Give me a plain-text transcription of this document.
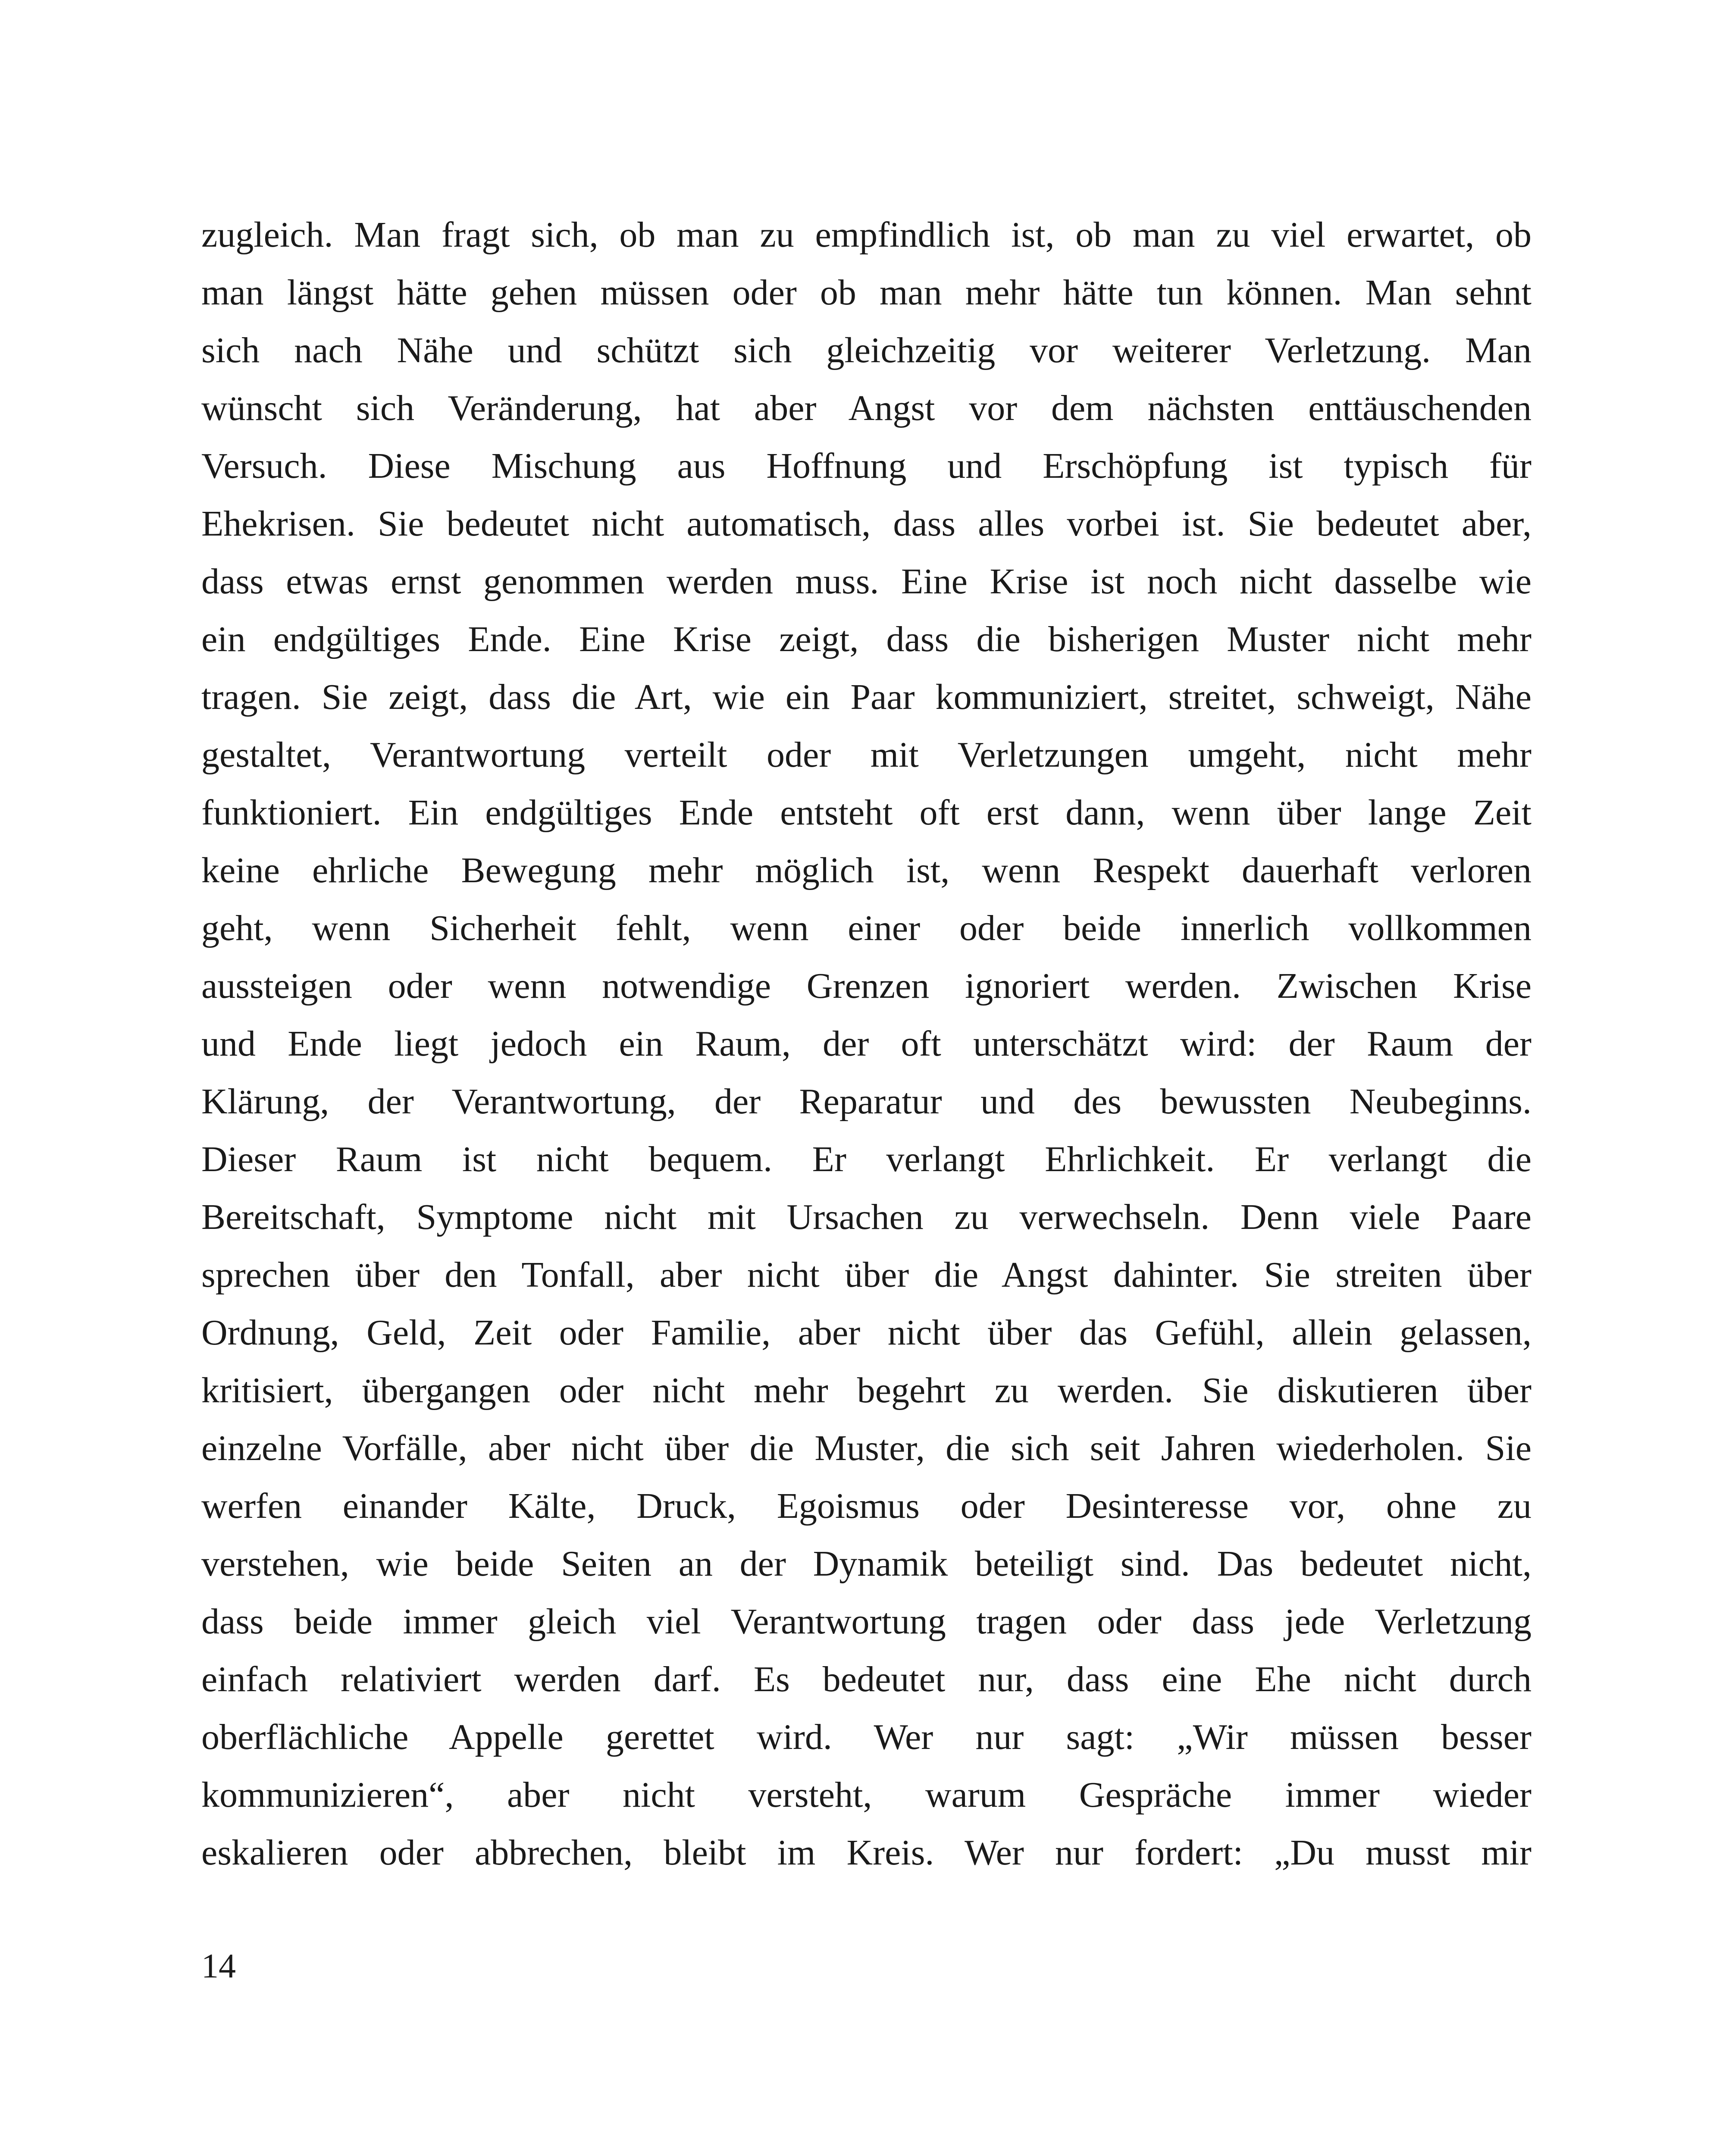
zugleich. Man fragt sich, ob man zu empfindlich ist, ob man zu viel erwartet, ob
man längst hätte gehen müssen oder ob man mehr hätte tun können. Man sehnt
sich nach Nähe und schützt sich gleichzeitig vor weiterer Verletzung. Man
wünscht sich Veränderung, hat aber Angst vor dem nächsten enttäuschenden
Versuch. Diese Mischung aus Hoffnung und Erschöpfung ist typisch für
Ehekrisen. Sie bedeutet nicht automatisch, dass alles vorbei ist. Sie bedeutet aber,
dass etwas ernst genommen werden muss. Eine Krise ist noch nicht dasselbe wie
ein endgültiges Ende. Eine Krise zeigt, dass die bisherigen Muster nicht mehr
tragen. Sie zeigt, dass die Art, wie ein Paar kommuniziert, streitet, schweigt, Nähe
gestaltet, Verantwortung verteilt oder mit Verletzungen umgeht, nicht mehr
funktioniert. Ein endgültiges Ende entsteht oft erst dann, wenn über lange Zeit
keine ehrliche Bewegung mehr möglich ist, wenn Respekt dauerhaft verloren
geht, wenn Sicherheit fehlt, wenn einer oder beide innerlich vollkommen
aussteigen oder wenn notwendige Grenzen ignoriert werden. Zwischen Krise
und Ende liegt jedoch ein Raum, der oft unterschätzt wird: der Raum der
Klärung, der Verantwortung, der Reparatur und des bewussten Neubeginns.
Dieser Raum ist nicht bequem. Er verlangt Ehrlichkeit. Er verlangt die
Bereitschaft, Symptome nicht mit Ursachen zu verwechseln. Denn viele Paare
sprechen über den Tonfall, aber nicht über die Angst dahinter. Sie streiten über
Ordnung, Geld, Zeit oder Familie, aber nicht über das Gefühl, allein gelassen,
kritisiert, übergangen oder nicht mehr begehrt zu werden. Sie diskutieren über
einzelne Vorfälle, aber nicht über die Muster, die sich seit Jahren wiederholen. Sie
werfen einander Kälte, Druck, Egoismus oder Desinteresse vor, ohne zu
verstehen, wie beide Seiten an der Dynamik beteiligt sind. Das bedeutet nicht,
dass beide immer gleich viel Verantwortung tragen oder dass jede Verletzung
einfach relativiert werden darf. Es bedeutet nur, dass eine Ehe nicht durch
oberflächliche Appelle gerettet wird. Wer nur sagt: „Wir müssen besser
kommunizieren“, aber nicht versteht, warum Gespräche immer wieder
eskalieren oder abbrechen, bleibt im Kreis. Wer nur fordert: „Du musst mir
14
